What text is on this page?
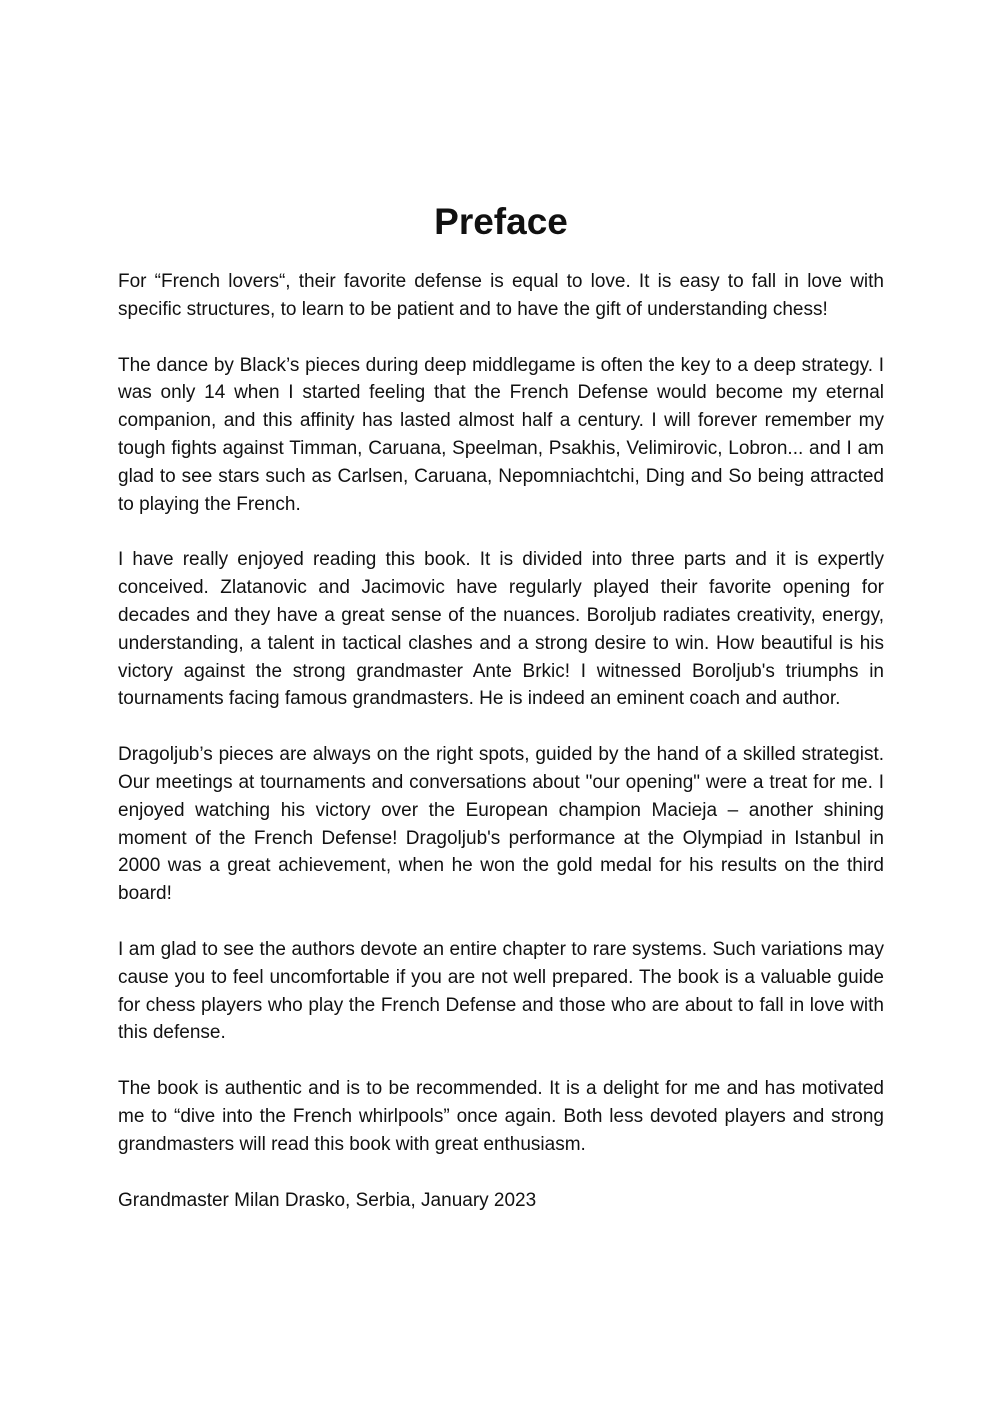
Preface

For “French lovers“, their favorite defense is equal to love. It is easy to fall in love with specific structures, to learn to be patient and to have the gift of understanding chess!

The dance by Black’s pieces during deep middlegame is often the key to a deep strategy. I was only 14 when I started feeling that the French Defense would become my eternal companion, and this affinity has lasted almost half a century. I will forever remember my tough fights against Timman, Caruana, Speelman, Psakhis, Velimirovic, Lobron... and I am glad to see stars such as Carlsen, Caruana, Nepomniachtchi, Ding and So being attracted to playing the French.

I have really enjoyed reading this book. It is divided into three parts and it is expertly conceived. Zlatanovic and Jacimovic have regularly played their favorite opening for decades and they have a great sense of the nuances. Boroljub radiates creativity, energy, understanding, a talent in tactical clashes and a strong desire to win. How beautiful is his victory against the strong grandmaster Ante Brkic! I witnessed Boroljub's triumphs in tournaments facing famous grandmasters. He is indeed an eminent coach and author.

Dragoljub’s pieces are always on the right spots, guided by the hand of a skilled strategist. Our meetings at tournaments and conversations about "our opening" were a treat for me. I enjoyed watching his victory over the European champion Macieja – another shining moment of the French Defense! Dragoljub's performance at the Olympiad in Istanbul in 2000 was a great achievement, when he won the gold medal for his results on the third board!

I am glad to see the authors devote an entire chapter to rare systems. Such variations may cause you to feel uncomfortable if you are not well prepared. The book is a valuable guide for chess players who play the French Defense and those who are about to fall in love with this defense.

The book is authentic and is to be recommended. It is a delight for me and has motivated me to “dive into the French whirlpools” once again. Both less devoted players and strong grandmasters will read this book with great enthusiasm.

Grandmaster Milan Drasko, Serbia, January 2023
